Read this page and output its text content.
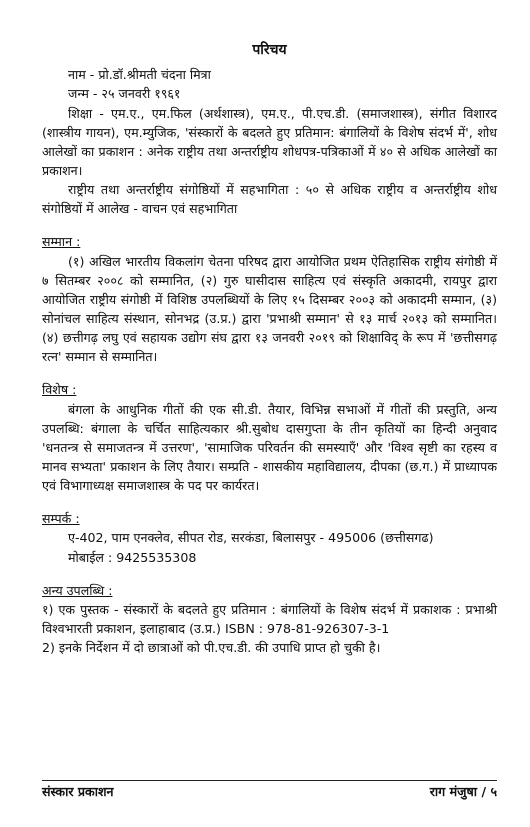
परिचय

नाम - प्रो.डॉ.श्रीमती चंदना मित्रा

जन्म - २५ जनवरी १९६१

शिक्षा - एम.ए., एम.फिल (अर्थशास्त्र), एम.ए., पी.एच.डी. (समाजशास्त्र), संगीत विशारद (शास्त्रीय गायन), एम.म्युजिक, 'संस्कारों के बदलते हुए प्रतिमान: बंगालियों के विशेष संदर्भ में', शोध आलेखों का प्रकाशन : अनेक राष्ट्रीय तथा अन्तर्राष्ट्रीय शोधपत्र-पत्रिकाओं में ४० से अधिक आलेखों का प्रकाशन।

राष्ट्रीय तथा अन्तर्राष्ट्रीय संगोष्ठियों में सहभागिता : ५० से अधिक राष्ट्रीय व अन्तर्राष्ट्रीय शोध संगोष्ठियों में आलेख - वाचन एवं सहभागिता

सम्मान :

(१) अखिल भारतीय विकलांग चेतना परिषद द्वारा आयोजित प्रथम ऐतिहासिक राष्ट्रीय संगोष्ठी में ७ सितम्बर २००८ को सम्मानित, (२) गुरु घासीदास साहित्य एवं संस्कृति अकादमी, रायपुर द्वारा आयोजित राष्ट्रीय संगोष्ठी में विशिष्ठ उपलब्धियों के लिए १५ दिसम्बर २००३ को अकादमी सम्मान, (३) सोनांचल साहित्य संस्थान, सोनभद्र (उ.प्र.) द्वारा 'प्रभाश्री सम्मान' से १३ मार्च २०१३ को सम्मानित। (४) छत्तीगढ़ लघु एवं सहायक उद्योग संघ द्वारा १३ जनवरी २०१९ को शिक्षाविद् के रूप में 'छत्तीसगढ़ रत्न' सम्मान से सम्मानित।

विशेष :

बंगला के आधुनिक गीतों की एक सी.डी. तैयार, विभिन्न सभाओं में गीतों की प्रस्तुति, अन्य उपलब्धि: बंगाला के चर्चित साहित्यकार श्री.सुबोध दासगुप्ता के तीन कृतियों का हिन्दी अनुवाद 'धनतन्त्र से समाजतन्त्र में उत्तरण', 'सामाजिक परिवर्तन की समस्याएँ' और 'विश्व सृष्टी का रहस्य व मानव सभ्यता' प्रकाशन के लिए तैयार। सम्प्रति - शासकीय महाविद्यालय, दीपका (छ.ग.) में प्राध्यापक एवं विभागाध्यक्ष समाजशास्त्र के पद पर कार्यरत।

सम्पर्क :

ए-402, पाम एनक्लेव, सीपत रोड, सरकंडा, बिलासपुर - 495006 (छत्तीसगढ)

मोबाईल : 9425535308

अन्य उपलब्धि :

१) एक पुस्तक - संस्कारों के बदलते हुए प्रतिमान : बंगालियों के विशेष संदर्भ में प्रकाशक : प्रभाश्री विश्वभारती प्रकाशन, इलाहाबाद (उ.प्र.) ISBN : 978-81-926307-3-1

2) इनके निर्देशन में दो छात्राओं को पी.एच.डी. की उपाधि प्राप्त हो चुकी है।

संस्कार प्रकाशन	राग मंजुषा / ५
